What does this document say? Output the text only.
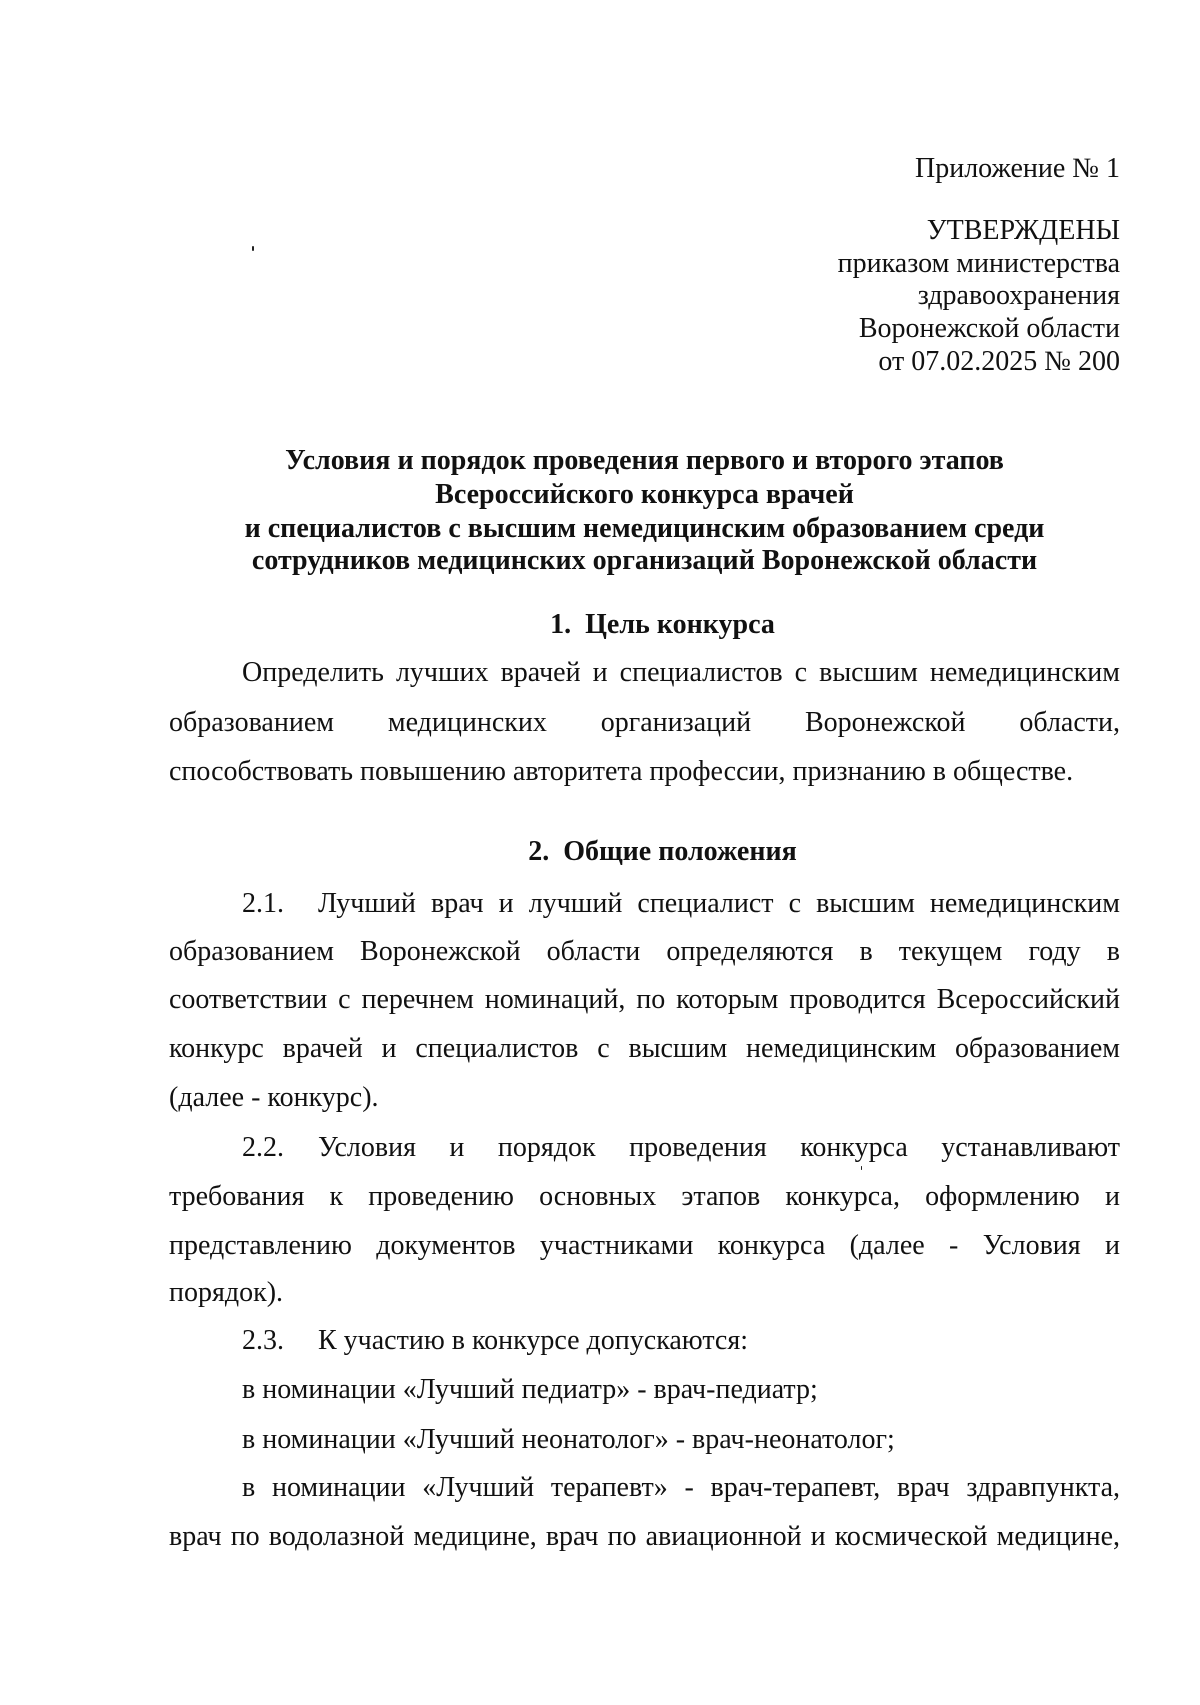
Приложение № 1
УТВЕРЖДЕНЫ
приказом министерства
здравоохранения
Воронежской области
от 07.02.2025 № 200
Условия и порядок проведения первого и второго этапов
Всероссийского конкурса врачей
и специалистов с высшим немедицинским образованием среди
сотрудников медицинских организаций Воронежской области
1. Цель конкурса
Определить лучших врачей и специалистов с высшим немедицинским
образованием медицинских организаций Воронежской области,
способствовать повышению авторитета профессии, признанию в обществе.
2. Общие положения
2.1. Лучший врач и лучший специалист с высшим немедицинским
образованием Воронежской области определяются в текущем году в
соответствии с перечнем номинаций, по которым проводится Всероссийский
конкурс врачей и специалистов с высшим немедицинским образованием
(далее - конкурс).
2.2. Условия и порядок проведения конкурса устанавливают
требования к проведению основных этапов конкурса, оформлению и
представлению документов участниками конкурса (далее - Условия и
порядок).
2.3. К участию в конкурсе допускаются:
в номинации «Лучший педиатр» - врач-педиатр;
в номинации «Лучший неонатолог» - врач-неонатолог;
в номинации «Лучший терапевт» - врач-терапевт, врач здравпункта,
врач по водолазной медицине, врач по авиационной и космической медицине,
